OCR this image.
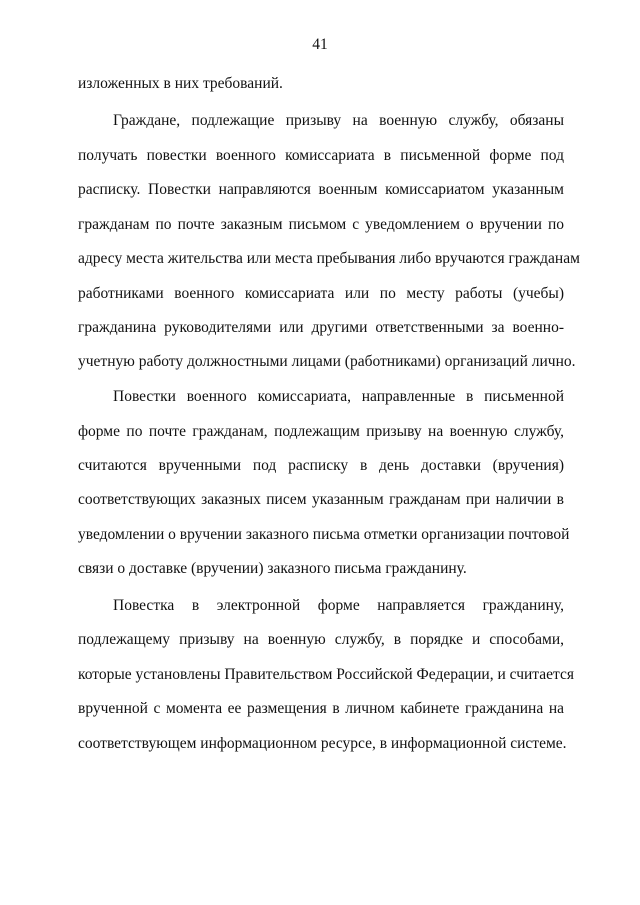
41
изложенных в них требований.
Граждане, подлежащие призыву на военную службу, обязаны
получать повестки военного комиссариата в письменной форме под
расписку. Повестки направляются военным комиссариатом указанным
гражданам по почте заказным письмом с уведомлением о вручении по
адресу места жительства или места пребывания либо вручаются гражданам
работниками военного комиссариата или по месту работы (учебы)
гражданина руководителями или другими ответственными за военно-
учетную работу должностными лицами (работниками) организаций лично.
Повестки военного комиссариата, направленные в письменной
форме по почте гражданам, подлежащим призыву на военную службу,
считаются врученными под расписку в день доставки (вручения)
соответствующих заказных писем указанным гражданам при наличии в
уведомлении о вручении заказного письма отметки организации почтовой
связи о доставке (вручении) заказного письма гражданину.
Повестка в электронной форме направляется гражданину,
подлежащему призыву на военную службу, в порядке и способами,
которые установлены Правительством Российской Федерации, и считается
врученной с момента ее размещения в личном кабинете гражданина на
соответствующем информационном ресурсе, в информационной системе.
